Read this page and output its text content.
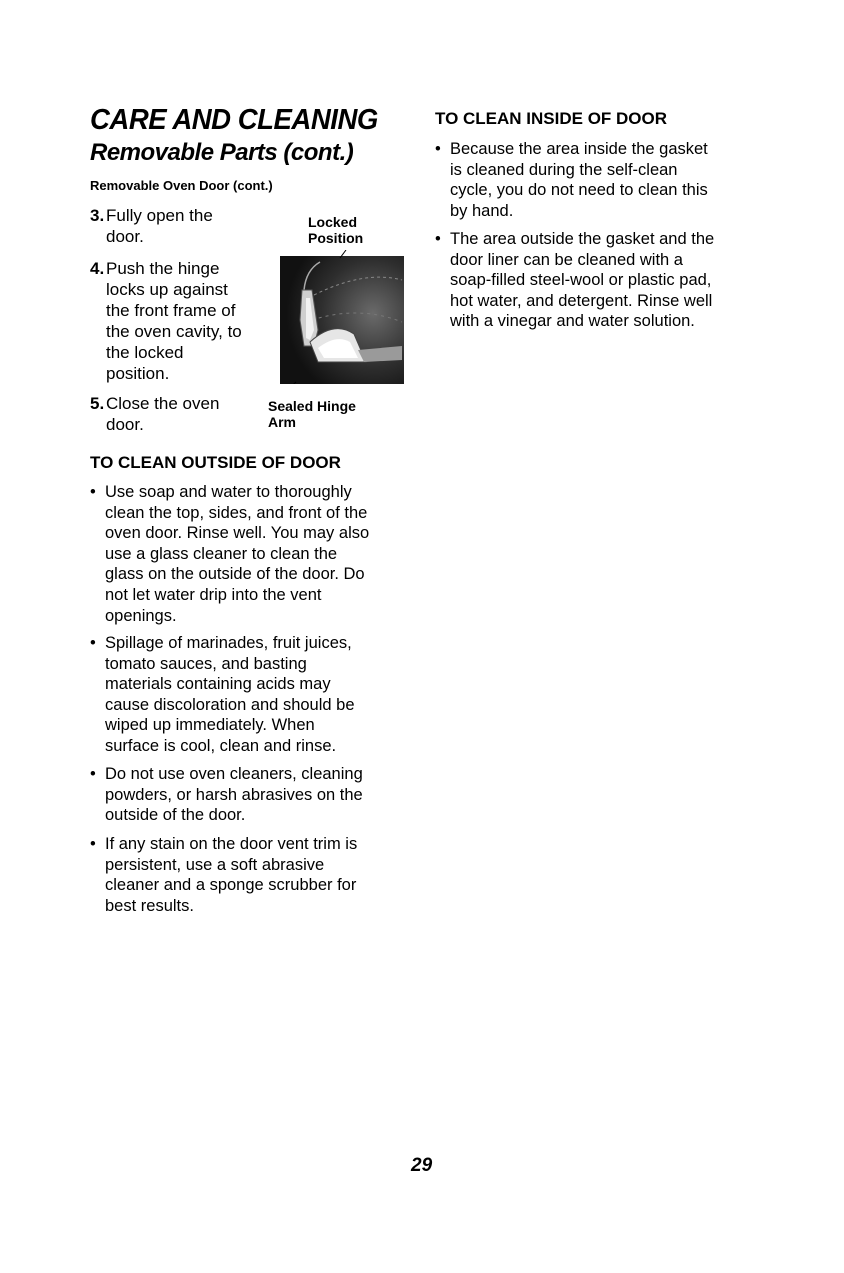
CARE AND CLEANING
Removable Parts (cont.)
Removable Oven Door (cont.)
3. Fully open the
door.
4. Push the hinge
locks up against
the front frame of
the oven cavity, to
the locked
position.
5. Close the oven
door.
Locked
Position
Sealed Hinge
Arm
TO CLEAN OUTSIDE OF DOOR
• Use soap and water to thoroughly
clean the top, sides, and front of the
oven door. Rinse well. You may also
use a glass cleaner to clean the
glass on the outside of the door. Do
not let water drip into the vent
openings.
• Spillage of marinades, fruit juices,
tomato sauces, and basting
materials containing acids may
cause discoloration and should be
wiped up immediately. When
surface is cool, clean and rinse.
• Do not use oven cleaners, cleaning
powders, or harsh abrasives on the
outside of the door.
• If any stain on the door vent trim is
persistent, use a soft abrasive
cleaner and a sponge scrubber for
best results.
TO CLEAN INSIDE OF DOOR
• Because the area inside the gasket
is cleaned during the self-clean
cycle, you do not need to clean this
by hand.
• The area outside the gasket and the
door liner can be cleaned with a
soap-filled steel-wool or plastic pad,
hot water, and detergent. Rinse well
with a vinegar and water solution.
29
